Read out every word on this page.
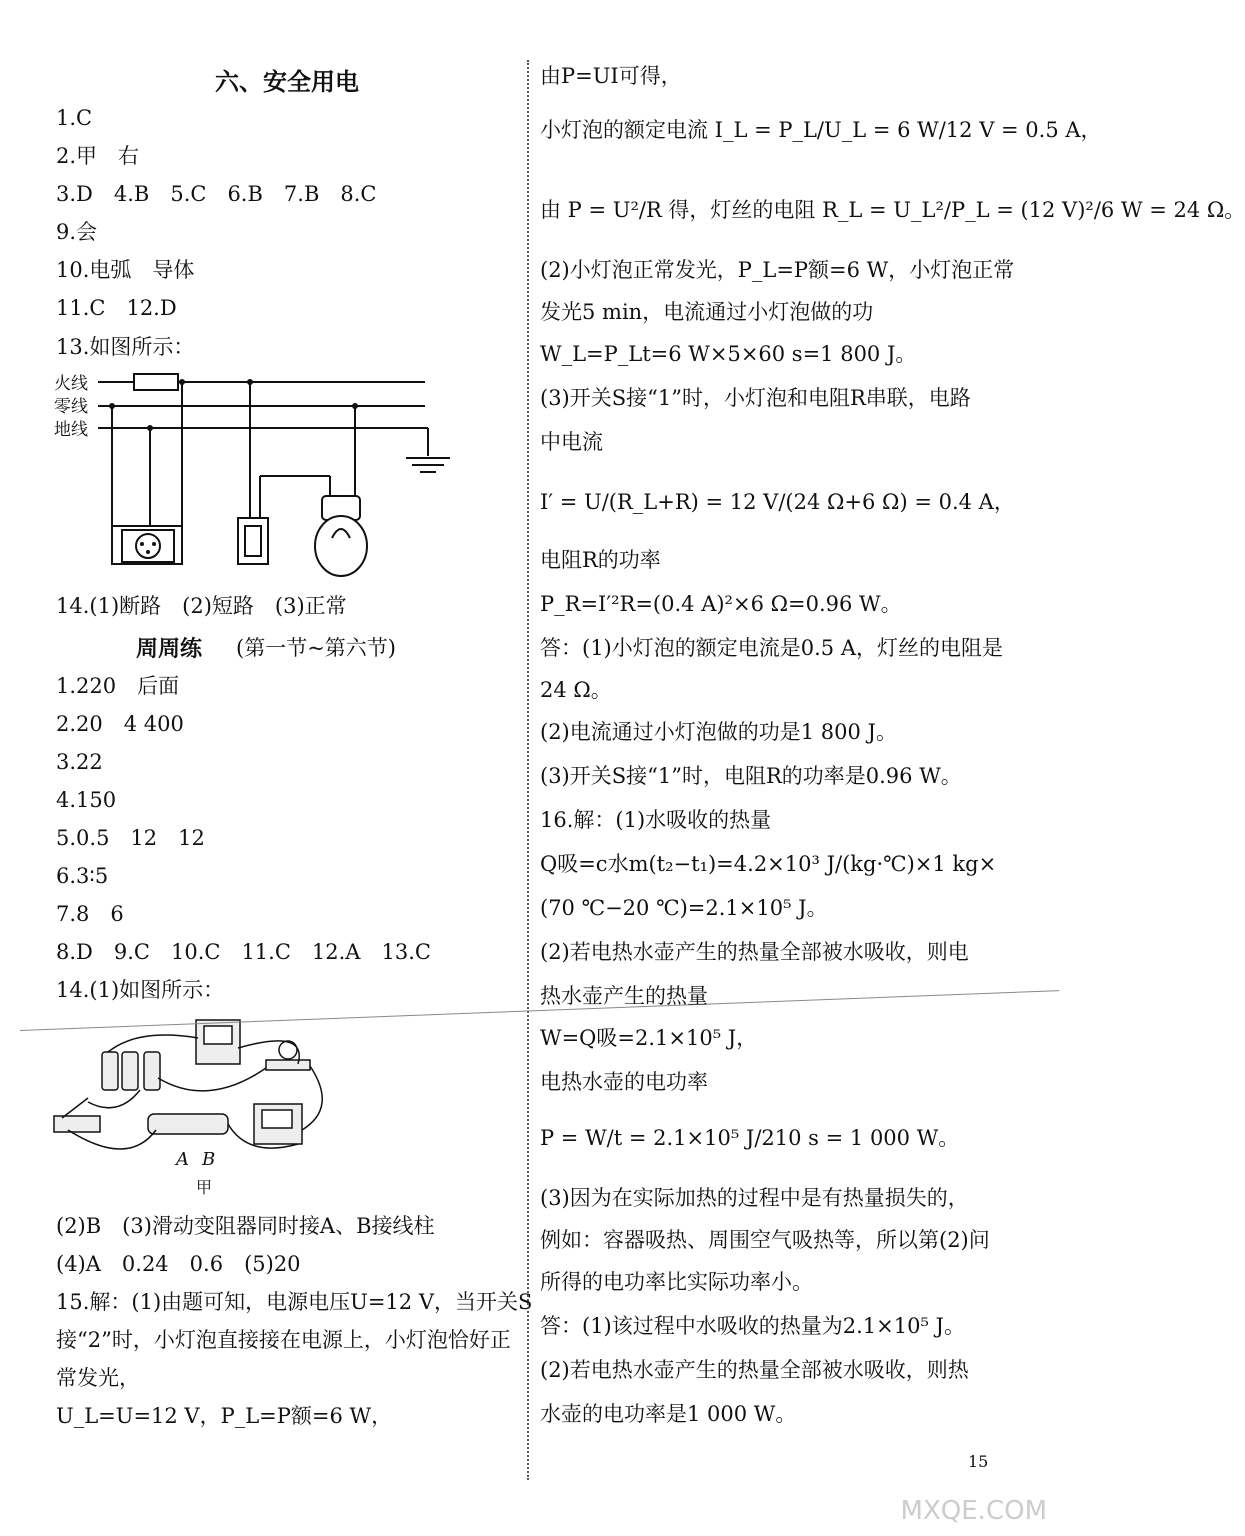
六、安全用电
1.C
2.甲　右
3.D　4.B　5.C　6.B　7.B　8.C
9.会
10.电弧　导体
11.C　12.D
13.如图所示：
火线
零线
地线
14.(1)断路　(2)短路　(3)正常
周周练 (第一节~第六节)
1.220　后面
2.20　4 400
3.22
4.150
5.0.5　12　12
6.3∶5
7.8　6
8.D　9.C　10.C　11.C　12.A　13.C
14.(1)如图所示：
A B
甲
(2)B　(3)滑动变阻器同时接A、B接线柱
(4)A　0.24　0.6　(5)20
15.解：(1)由题可知，电源电压U=12 V，当开关S
接“2”时，小灯泡直接接在电源上，小灯泡恰好正
常发光，
U_L=U=12 V，P_L=P额=6 W，
由P=UI可得，
小灯泡的额定电流 I_L = P_L/U_L = 6 W/12 V = 0.5 A，
由 P = U²/R 得，灯丝的电阻 R_L = U_L²/P_L = (12 V)²/6 W = 24 Ω。
(2)小灯泡正常发光，P_L=P额=6 W，小灯泡正常
发光5 min，电流通过小灯泡做的功
W_L=P_Lt=6 W×5×60 s=1 800 J。
(3)开关S接“1”时，小灯泡和电阻R串联，电路
中电流
I′ = U/(R_L+R) = 12 V/(24 Ω+6 Ω) = 0.4 A，
电阻R的功率
P_R=I′²R=(0.4 A)²×6 Ω=0.96 W。
答：(1)小灯泡的额定电流是0.5 A，灯丝的电阻是
24 Ω。
(2)电流通过小灯泡做的功是1 800 J。
(3)开关S接“1”时，电阻R的功率是0.96 W。
16.解：(1)水吸收的热量
Q吸=c水m(t₂−t₁)=4.2×10³ J/(kg·℃)×1 kg×
(70 ℃−20 ℃)=2.1×10⁵ J。
(2)若电热水壶产生的热量全部被水吸收，则电
热水壶产生的热量
W=Q吸=2.1×10⁵ J，
电热水壶的电功率
P = W/t = 2.1×10⁵ J/210 s = 1 000 W。
(3)因为在实际加热的过程中是有热量损失的，
例如：容器吸热、周围空气吸热等，所以第(2)问
所得的电功率比实际功率小。
答：(1)该过程中水吸收的热量为2.1×10⁵ J。
(2)若电热水壶产生的热量全部被水吸收，则热
水壶的电功率是1 000 W。
15
MXQE.COM
